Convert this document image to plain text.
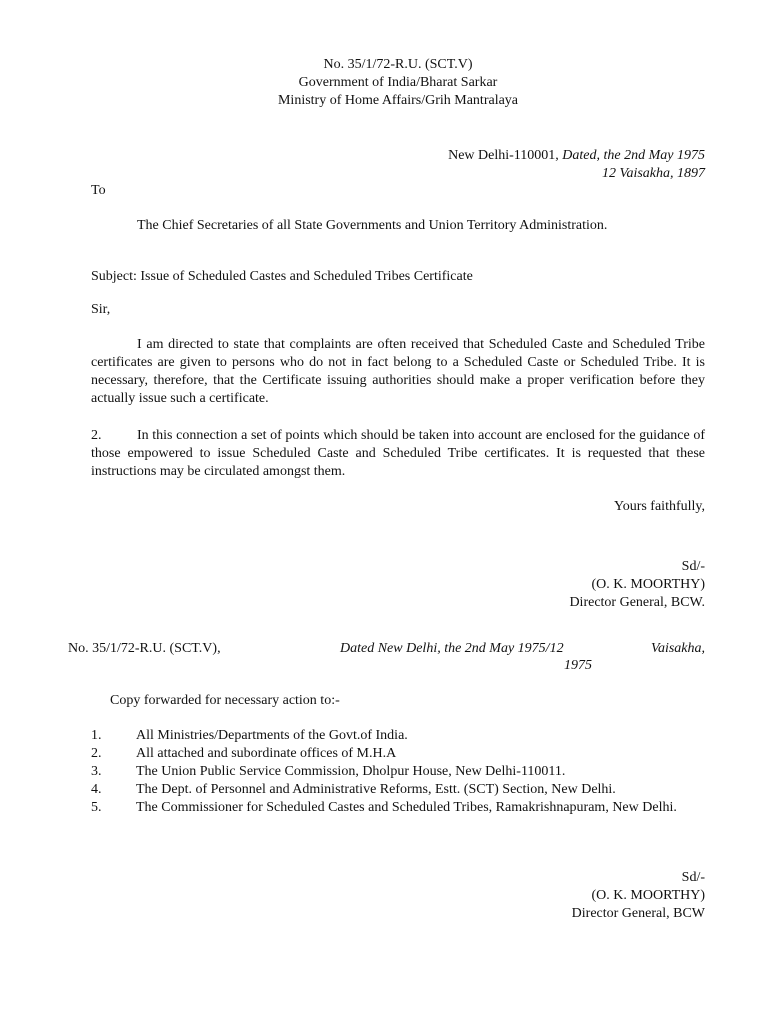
No. 35/1/72-R.U. (SCT.V)

Government of India/Bharat Sarkar

Ministry of Home Affairs/Grih Mantralaya

New Delhi-110001, Dated, the 2nd May 1975

12 Vaisakha, 1897

To

The Chief Secretaries of all State Governments and Union Territory Administration.

Subject: Issue of Scheduled Castes and Scheduled Tribes Certificate

Sir,

I am directed to state that complaints are often received that Scheduled Caste and Scheduled Tribe certificates are given to persons who do not in fact belong to a Scheduled Caste or Scheduled Tribe. It is necessary, therefore, that the Certificate issuing authorities should make a proper verification before they actually issue such a certificate.

2.	In this connection a set of points which should be taken into account are enclosed for the guidance of those empowered to issue Scheduled Caste and Scheduled Tribe certificates. It is requested that these instructions may be circulated amongst them.

Yours faithfully,

Sd/-

(O. K. MOORTHY)

Director General, BCW.

No. 35/1/72-R.U. (SCT.V),	Dated New Delhi, the 2nd May 1975/12	Vaisakha,

1975

Copy forwarded for necessary action to:-

1.	All Ministries/Departments of the Govt.of India.
2.	All attached and subordinate offices of M.H.A
3.	The Union Public Service Commission, Dholpur House, New Delhi-110011.
4.	The Dept. of Personnel and Administrative Reforms, Estt. (SCT) Section, New Delhi.
5.	The Commissioner for Scheduled Castes and Scheduled Tribes, Ramakrishnapuram, New Delhi.

Sd/-

(O. K. MOORTHY)

Director General, BCW
